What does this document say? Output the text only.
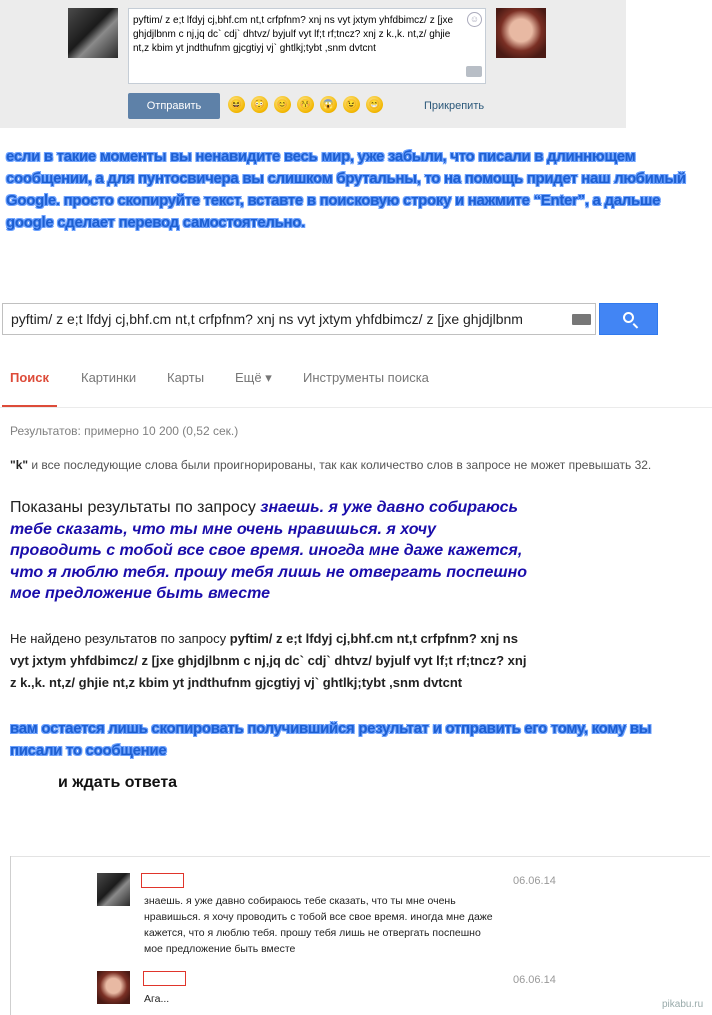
pyftim/ z e;t lfdyj cj,bhf.cm nt,t crfpfnm? xnj ns vyt jxtym yhfdbimcz/ z [jxe ghjdjlbnm c nj,jq dc` cdj` dhtvz/ byjulf vyt lf;t rf;tncz? xnj z k.,k. nt,z/ ghjie nt,z kbim yt jndthufnm gjcgtiyj vj` ghtlkj;tybt ,snm dvtcnt
☺
Отправить	😆	😳	😊	😚	😱	😉	😁	Прикрепить
если в такие моменты вы ненавидите весь мир, уже забыли, что писали в длиннющем сообщении, а для пунтосвичера вы слишком брутальны, то на помощь придет наш любимый Google. просто скопируйте текст, вставте в поисковую строку и нажмите “Enter”, а дальше google сделает перевод самостоятельно.
pyftim/ z e;t lfdyj cj,bhf.cm nt,t crfpfnm? xnj ns vyt jxtym yhfdbimcz/ z [jxe ghjdjlbnm
Поиск Картинки Карты Ещё ▾ Инструменты поиска
Результатов: примерно 10 200 (0,52 сек.)
"k" и все последующие слова были проигнорированы, так как количество слов в запросе не может превышать 32.
Показаны результаты по запросу знаешь. я уже давно собираюсь тебе сказать, что ты мне очень нравишься. я хочу проводить с тобой все свое время. иногда мне даже кажется, что я люблю тебя. прошу тебя лишь не отвергать поспешно мое предложение быть вместе
Не найдено результатов по запросу pyftim/ z e;t lfdyj cj,bhf.cm nt,t crfpfnm? xnj ns vyt jxtym yhfdbimcz/ z [jxe ghjdjlbnm c nj,jq dc` cdj` dhtvz/ byjulf vyt lf;t rf;tncz? xnj z k.,k. nt,z/ ghjie nt,z kbim yt jndthufnm gjcgtiyj vj` ghtlkj;tybt ,snm dvtcnt
вам остается лишь скопировать получившийся результат и отправить его тому, кому вы писали то сообщение
и ждать ответа
06.06.14
знаешь. я уже давно собираюсь тебе сказать, что ты мне очень нравишься. я хочу проводить с тобой все свое время. иногда мне даже кажется, что я люблю тебя. прошу тебя лишь не отвергать поспешно мое предложение быть вместе
06.06.14
Ага...	pikabu.ru
